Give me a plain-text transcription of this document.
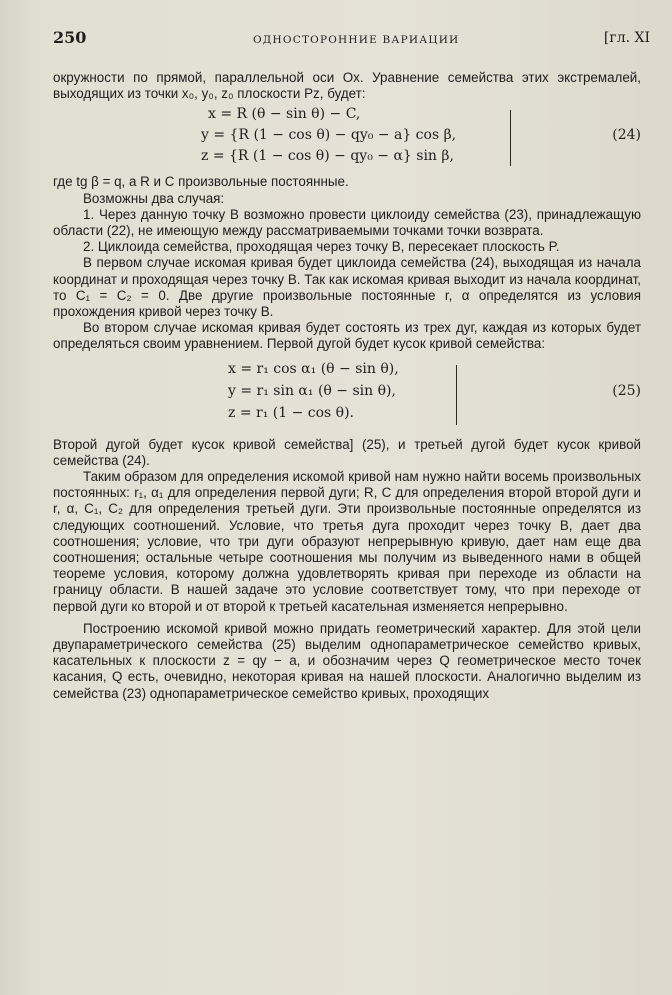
250	ОДНОСТОРОННИЕ ВАРИАЦИИ	[гл. XI

окружности по прямой, параллельной оси Ox. Уравнение семейства этих экстремалей, выходящих из точки x₀, y₀, z₀ плоскости Pz, будет:

x = R (θ − sin θ) − C,
y = {R (1 − cos θ) − qy₀ − a} cos β,
z = {R (1 − cos θ) − qy₀ − α} sin β,
(24)

где tg β = q, а R и C произвольные постоянные.

Возможны два случая:

1. Через данную точку B возможно провести циклоиду семейства (23), принадлежащую области (22), не имеющую между рассматриваемыми точками точки возврата.

2. Циклоида семейства, проходящая через точку B, пересекает плоскость P.

В первом случае искомая кривая будет циклоида семейства (24), выходящая из начала координат и проходящая через точку B. Так как искомая кривая выходит из начала координат, то C₁ = C₂ = 0. Две другие произвольные постоянные r, α определятся из условия прохождения кривой через точку B.

Во втором случае искомая кривая будет состоять из трех дуг, каждая из которых будет определяться своим уравнением. Первой дугой будет кусок кривой семейства:

x = r₁ cos α₁ (θ − sin θ),
y = r₁ sin α₁ (θ − sin θ),
z = r₁ (1 − cos θ).
(25)

Второй дугой будет кусок кривой семейства] (25), и третьей дугой будет кусок кривой семейства (24).

Таким образом для определения искомой кривой нам нужно найти восемь произвольных постоянных: r₁, α₁ для определения первой дуги; R, C для определения второй второй дуги и r, α, C₁, C₂ для определения третьей дуги. Эти произвольные постоянные определятся из следующих соотношений. Условие, что третья дуга проходит через точку B, дает два соотношения; условие, что три дуги образуют непрерывную кривую, дает нам еще два соотношения; остальные четыре соотношения мы получим из выведенного нами в общей теореме условия, которому должна удовлетворять кривая при переходе из области на границу области. В нашей задаче это условие соответствует тому, что при переходе от первой дуги ко второй и от второй к третьей касательная изменяется непрерывно.

Построению искомой кривой можно придать геометрический характер. Для этой цели двупараметрического семейства (25) выделим однопараметрическое семейство кривых, касательных к плоскости z = qy − a, и обозначим через Q геометрическое место точек касания, Q есть, очевидно, некоторая кривая на нашей плоскости. Аналогично выделим из семейства (23) однопараметрическое семейство кривых, проходящих
